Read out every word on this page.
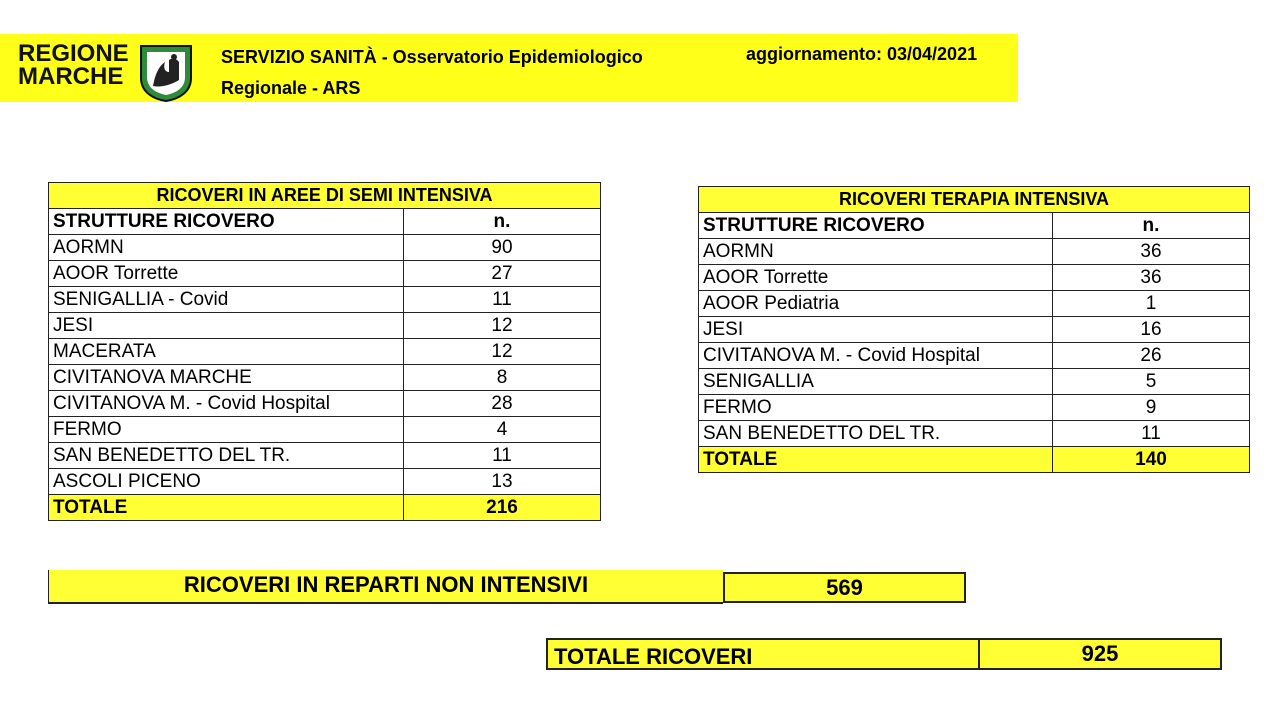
REGIONE
MARCHE
SERVIZIO SANITÀ - Osservatorio Epidemiologico
Regionale - ARS
aggiornamento: 03/04/2021
RICOVERI IN AREE DI SEMI INTENSIVA	
STRUTTURE RICOVERO	n.
AORMN	90
AOOR Torrette	27
SENIGALLIA - Covid	11
JESI	12
MACERATA	12
CIVITANOVA MARCHE	8
CIVITANOVA M. - Covid Hospital	28
FERMO	4
SAN BENEDETTO DEL TR.	11
ASCOLI PICENO	13
TOTALE	216
RICOVERI TERAPIA INTENSIVA	
STRUTTURE RICOVERO	n.
AORMN	36
AOOR Torrette	36
AOOR Pediatria	1
JESI	16
CIVITANOVA M. - Covid Hospital	26
SENIGALLIA	5
FERMO	9
SAN BENEDETTO DEL TR.	11
TOTALE	140
RICOVERI IN REPARTI NON INTENSIVI	569
TOTALE RICOVERI	925
